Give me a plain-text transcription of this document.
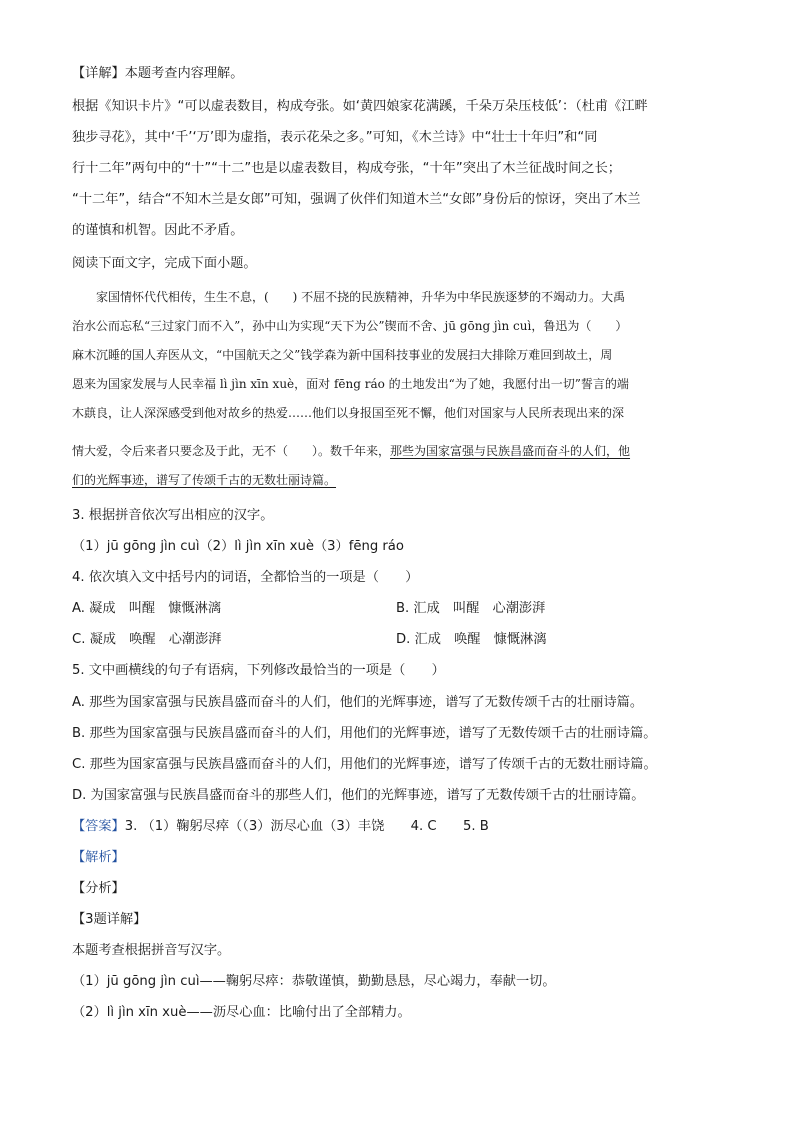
【详解】本题考查内容理解。
根据《知识卡片》“可以虚表数目，构成夸张。如‘黄四娘家花满蹊，千朵万朵压枝低’：（杜甫《江畔
独步寻花》，其中‘千’‘万’即为虚指，表示花朵之多。”可知，《木兰诗》中“壮士十年归”和“同
行十二年”两句中的“十”“十二”也是以虚表数目，构成夸张，“十年”突出了木兰征战时间之长；
“十二年”，结合“不知木兰是女郎”可知，强调了伙伴们知道木兰“女郎”身份后的惊讶，突出了木兰
的谨慎和机智。因此不矛盾。
阅读下面文字，完成下面小题。
家国情怀代代相传，生生不息，(　　) 不屈不挠的民族精神，升华为中华民族逐梦的不竭动力。大禹
治水公而忘私“三过家门而不入”，孙中山为实现“天下为公”锲而不舍、jū gōng jìn cuì，鲁迅为（　　）
麻木沉睡的国人弃医从文，“中国航天之父”钱学森为新中国科技事业的发展扫大排除万难回到故土，周
恩来为国家发展与人民幸福 lì jìn xīn xuè，面对 fēng ráo 的土地发出“为了她，我愿付出一切”誓言的端
木蕻良，让人深深感受到他对故乡的热爱……他们以身报国至死不懈，他们对国家与人民所表现出来的深
情大爱，令后来者只要念及于此，无不（　　）。数千年来，那些为国家富强与民族昌盛而奋斗的人们，他
们的光辉事迹，谱写了传颂千古的无数壮丽诗篇。
3. 根据拼音依次写出相应的汉字。
（1）jū gōng jìn cuì（2）lì jìn xīn xuè（3）fēng ráo
4. 依次填入文中括号内的词语，全都恰当的一项是（　　）
A. 凝成　叫醒　慷慨淋漓	B. 汇成　叫醒　心潮澎湃
C. 凝成　唤醒　心潮澎湃	D. 汇成　唤醒　慷慨淋漓
5. 文中画横线的句子有语病，下列修改最恰当的一项是（　　）
A. 那些为国家富强与民族昌盛而奋斗的人们，他们的光辉事迹，谱写了无数传颂千古的壮丽诗篇。
B. 那些为国家富强与民族昌盛而奋斗的人们，用他们的光辉事迹，谱写了无数传颂千古的壮丽诗篇。
C. 那些为国家富强与民族昌盛而奋斗的人们，用他们的光辉事迹，谱写了传颂千古的无数壮丽诗篇。
D. 为国家富强与民族昌盛而奋斗的那些人们，他们的光辉事迹，谱写了无数传颂千古的壮丽诗篇。
【答案】3. （1）鞠躬尽瘁（（3）沥尽心血（3）丰饶　　4. C　　5. B
【解析】
【分析】
【3题详解】
本题考查根据拼音写汉字。
（1）jū gōng jìn cuì——鞠躬尽瘁：恭敬谨慎，勤勤恳恳，尽心竭力，奉献一切。
（2）lì jìn xīn xuè——沥尽心血：比喻付出了全部精力。
